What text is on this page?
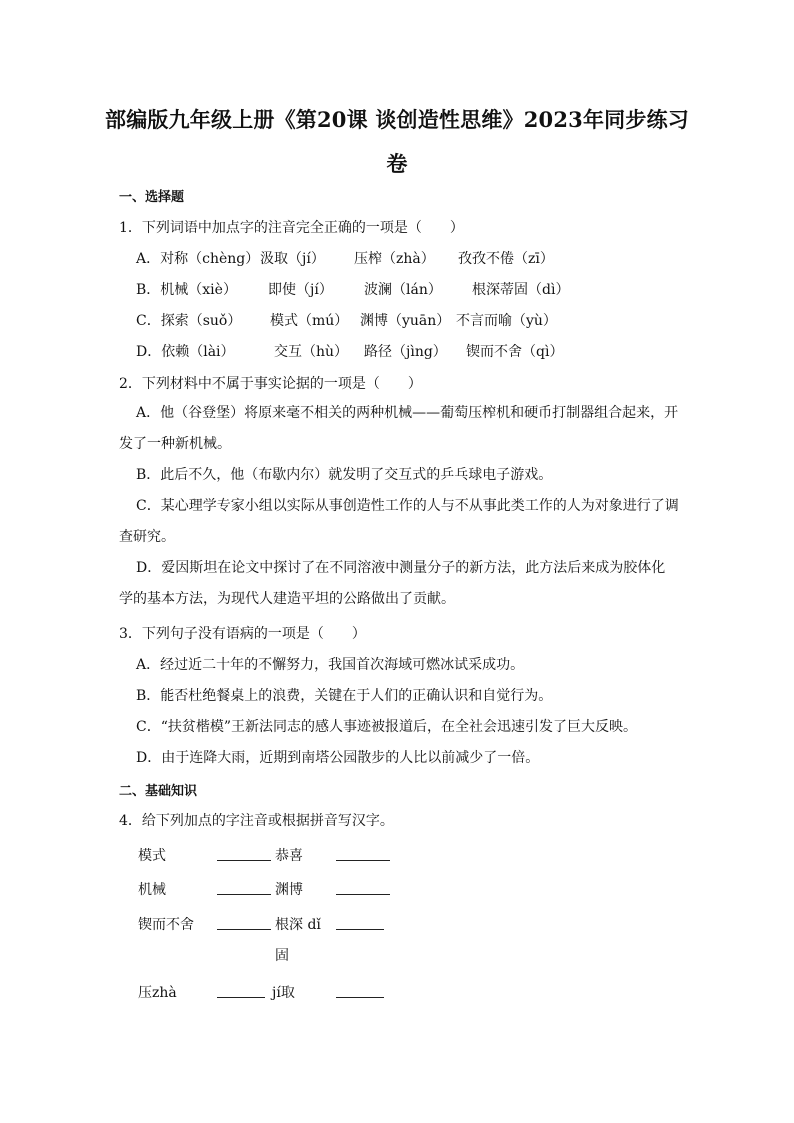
部编版九年级上册《第20课 谈创造性思维》2023年同步练习卷
一、选择题
1．下列词语中加点字的注音完全正确的一项是（　　）
A．对称（chèng） 汲取（jí） 压榨（zhà） 孜孜不倦（zī）
B．机械（xiè） 即使（jí） 波澜（lán） 根深蒂固（dì）
C．探索（suǒ） 模式（mú） 渊博（yuān） 不言而喻（yù）
D．依赖（lài）	交互（hù） 路径（jìng） 锲而不舍（qì）
2．下列材料中不属于事实论据的一项是（　　）
A．他（谷登堡）将原来毫不相关的两种机械——葡萄压榨机和硬币打制器组合起来，开发了一种新机械。
B．此后不久，他（布歇内尔）就发明了交互式的乒乓球电子游戏。
C．某心理学专家小组以实际从事创造性工作的人与不从事此类工作的人为对象进行了调查研究。
D．爱因斯坦在论文中探讨了在不同溶液中测量分子的新方法，此方法后来成为胶体化学的基本方法，为现代人建造平坦的公路做出了贡献。
3．下列句子没有语病的一项是（　　）
A．经过近二十年的不懈努力，我国首次海域可燃冰试采成功。
B．能否杜绝餐桌上的浪费，关键在于人们的正确认识和自觉行为。
C．“扶贫楷模”王新法同志的感人事迹被报道后，在全社会迅速引发了巨大反映。
D．由于连降大雨，近期到南塔公园散步的人比以前减少了一倍。
二、基础知识
4．给下列加点的字注音或根据拼音写汉字。
模式	恭喜
机械	渊博
锲而不舍	根深 dǐ
固
压zhà	jí取
